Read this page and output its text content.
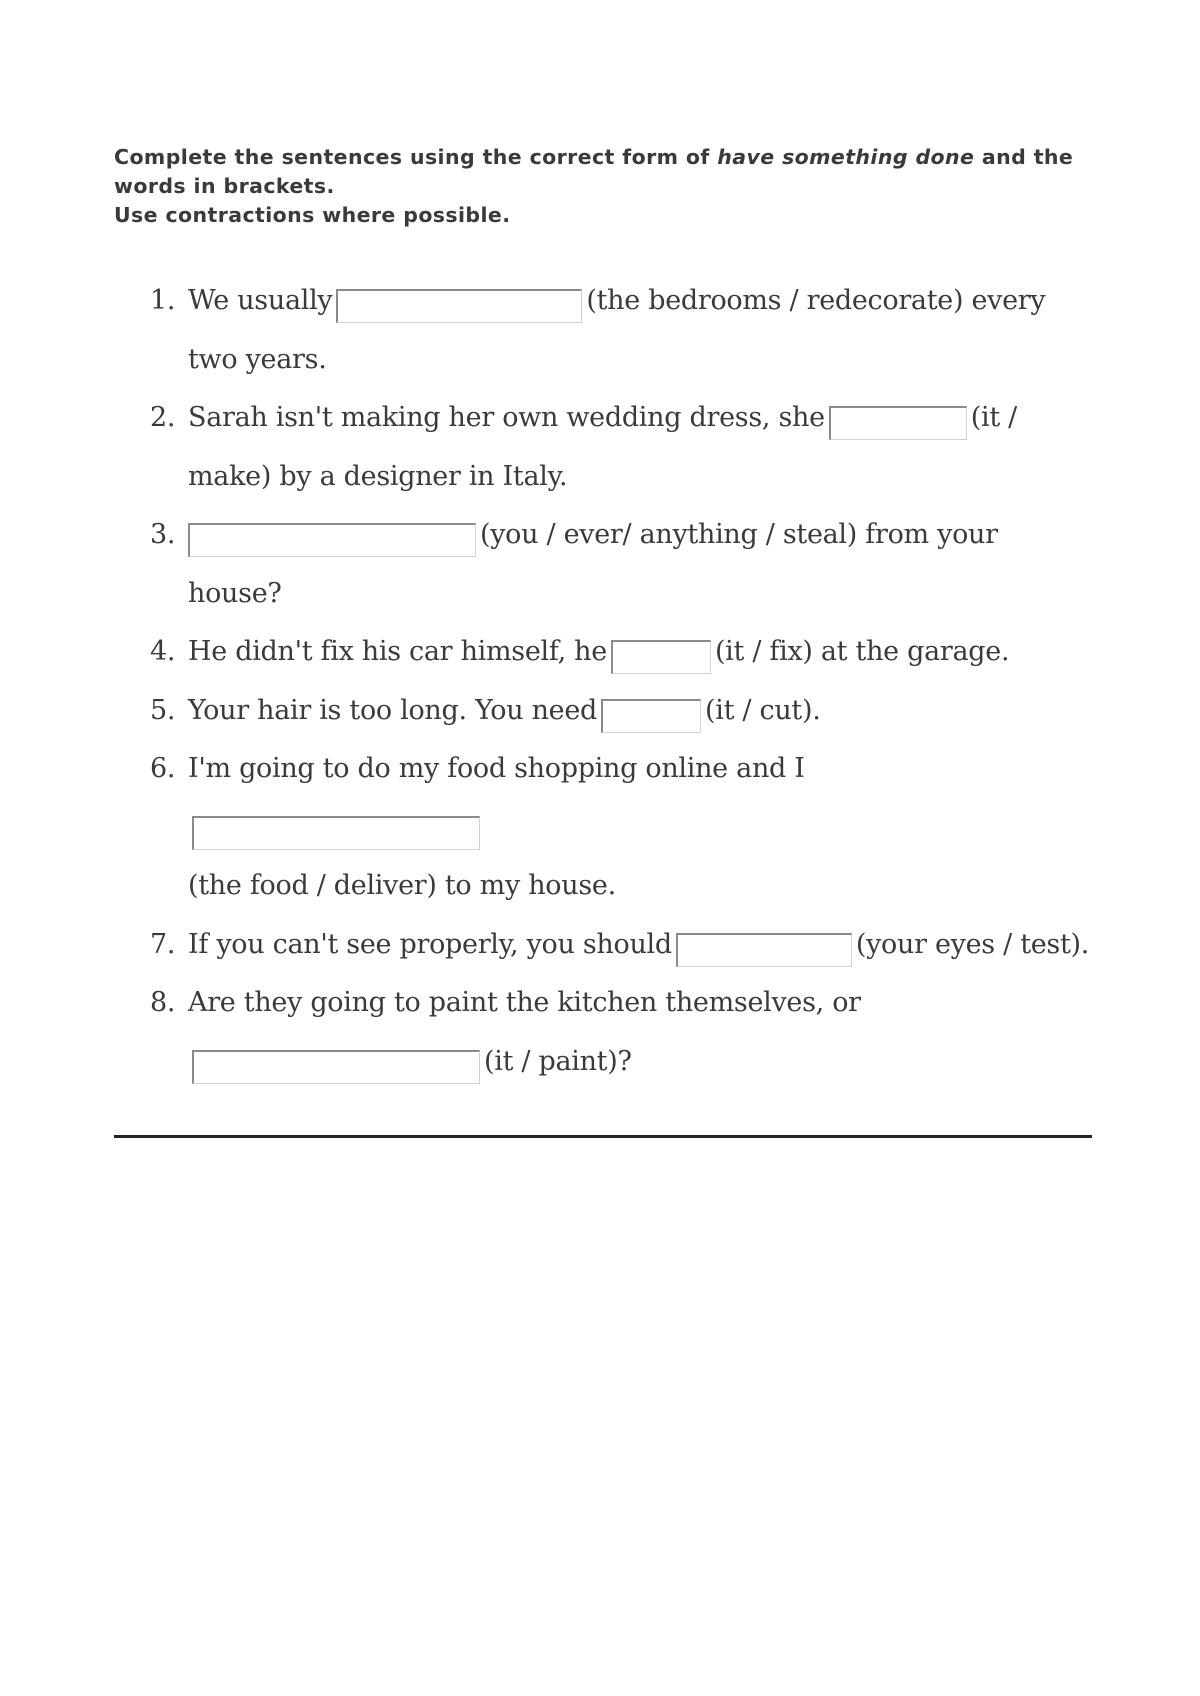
Complete the sentences using the correct form of have something done and the words in brackets.
Use contractions where possible.
1. We usually	(the bedrooms / redecorate) every two years.
2. Sarah isn't making her own wedding dress, she	(it / make) by a designer in Italy.
3.	(you / ever/ anything / steal) from your house?
4. He didn't fix his car himself, he	(it / fix) at the garage.
5. Your hair is too long. You need	(it / cut).
6. I'm going to do my food shopping online and I
(the food / deliver) to my house.
7. If you can't see properly, you should	(your eyes / test).
8. Are they going to paint the kitchen themselves, or(it / paint)?
